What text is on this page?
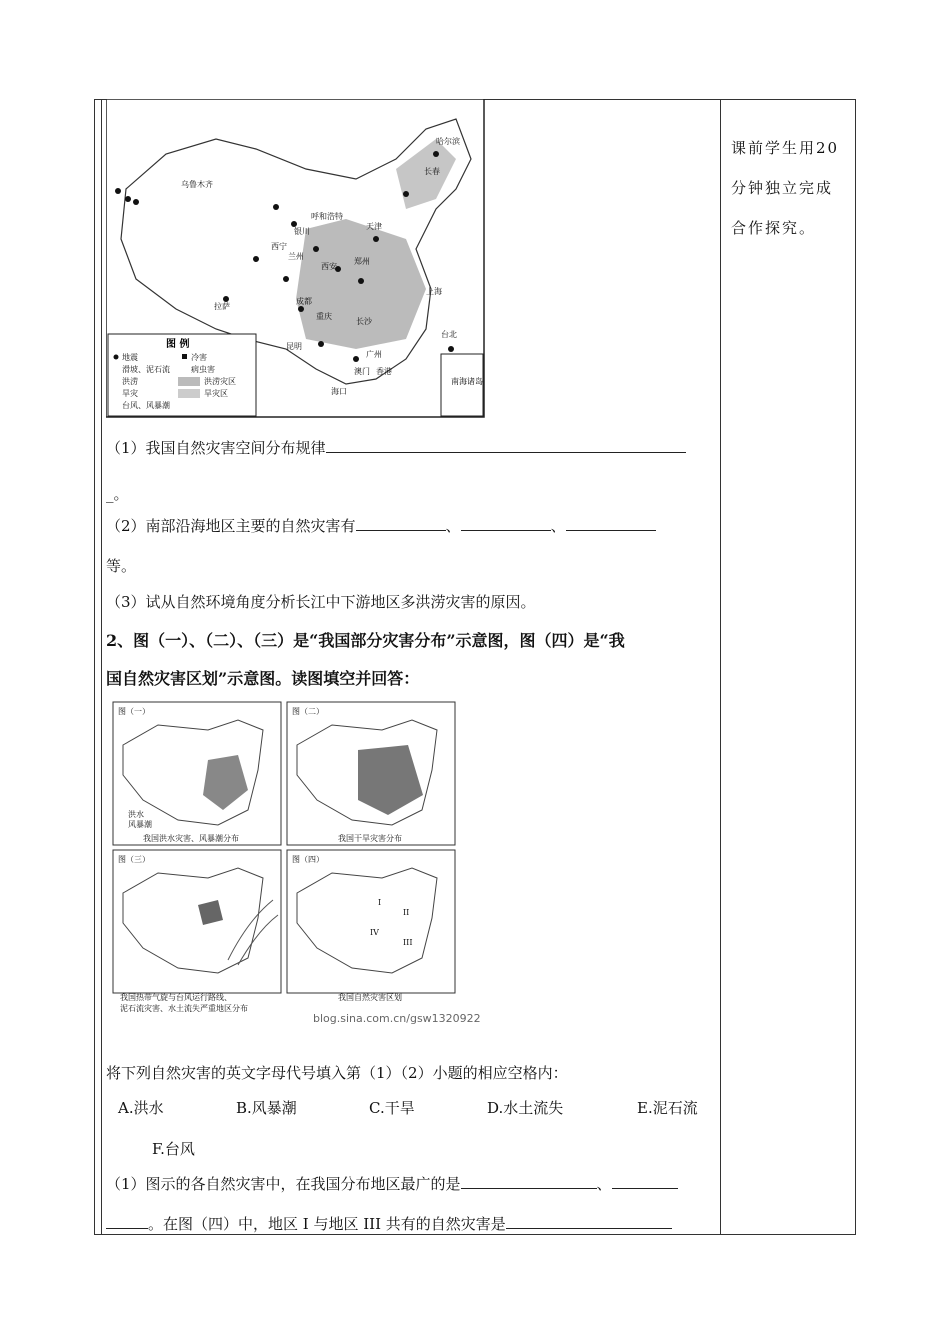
课前学生用20分钟独立完成合作探究。
乌鲁木齐
哈尔滨
长春
呼和浩特
银川
天津
西宁
兰州
西安
郑州
拉萨
成都
重庆
长沙
上海
台北
昆明
广州
澳门 香港
海口
图 例
地震	冷害
滑坡、泥石流	病虫害
洪涝	洪涝灾区
旱灾	旱灾区
台风、风暴潮
南海诸岛
（1）我国自然灾害空间分布规律
_。
（2）南部沿海地区主要的自然灾害有	、	、
等。
（3）试从自然环境角度分析长江中下游地区多洪涝灾害的原因。
2、图（一）、（二）、（三）是“我国部分灾害分布”示意图，图（四）是“我
国自然灾害区划”示意图。读图填空并回答：
图（一）
洪水
风暴潮
我国洪水灾害、风暴潮分布
图（二）
我国干旱灾害分布
图（三）
我国热带气旋与台风运行路线、
泥石流灾害、水土流失严重地区分布
图（四）
I
II
III
IV
我国自然灾害区划
blog.sina.com.cn/gsw1320922
将下列自然灾害的英文字母代号填入第（1）（2）小题的相应空格内：
A.洪水	B.风暴潮	C.干旱	D.水土流失	E.泥石流
F.台风
（1）图示的各自然灾害中，在我国分布地区最广的是	、
。在图（四）中，地区 I 与地区 III 共有的自然灾害是
